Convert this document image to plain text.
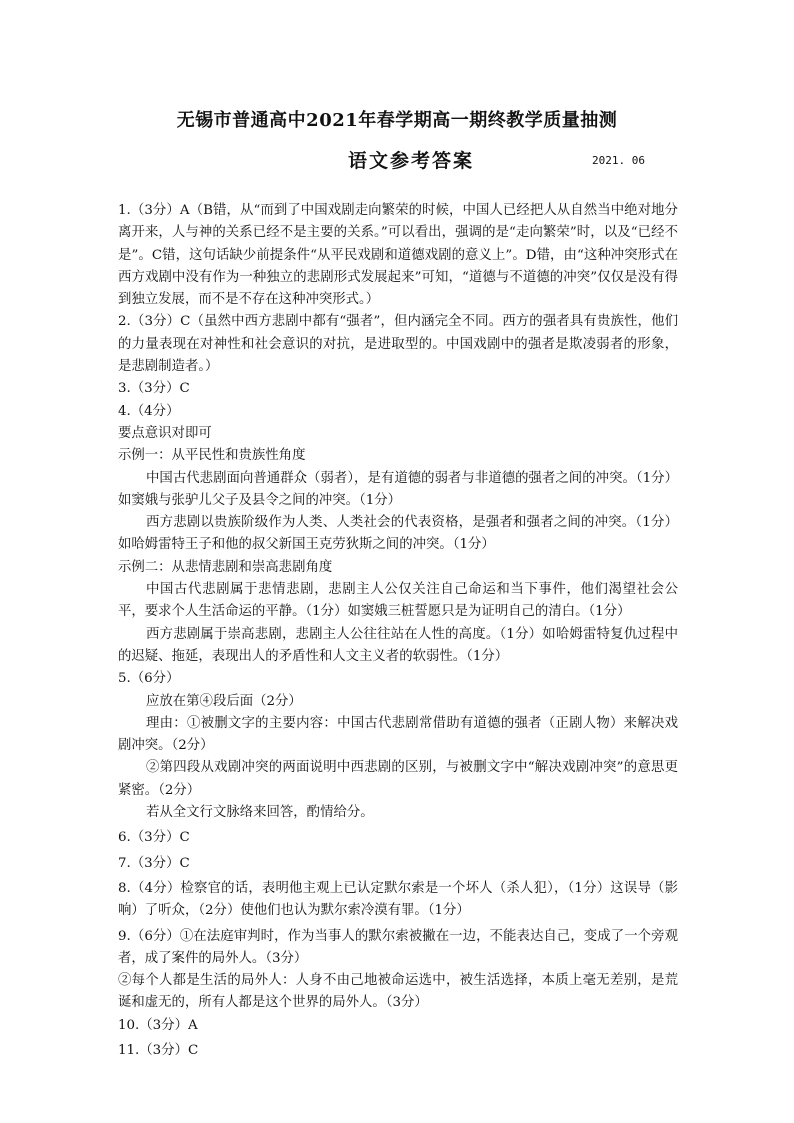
无锡市普通高中2021年春学期高一期终教学质量抽测
语文参考答案	2021. 06

1.（3分）A（B错，从“而到了中国戏剧走向繁荣的时候，中国人已经把人从自然当中绝对地分离开来，人与神的关系已经不是主要的关系。”可以看出，强调的是“走向繁荣”时，以及“已经不是”。C错，这句话缺少前提条件“从平民戏剧和道德戏剧的意义上”。D错，由“这种冲突形式在西方戏剧中没有作为一种独立的悲剧形式发展起来”可知，“道德与不道德的冲突”仅仅是没有得到独立发展，而不是不存在这种冲突形式。）

2.（3分）C（虽然中西方悲剧中都有“强者”，但内涵完全不同。西方的强者具有贵族性，他们的力量表现在对神性和社会意识的对抗，是进取型的。中国戏剧中的强者是欺凌弱者的形象，是悲剧制造者。）

3.（3分）C

4.（4分）

要点意识对即可

示例一：从平民性和贵族性角度

中国古代悲剧面向普通群众（弱者），是有道德的弱者与非道德的强者之间的冲突。（1分）如窦娥与张驴儿父子及县令之间的冲突。（1分）

西方悲剧以贵族阶级作为人类、人类社会的代表资格，是强者和强者之间的冲突。（1分）如哈姆雷特王子和他的叔父新国王克劳狄斯之间的冲突。（1分）

示例二：从悲情悲剧和崇高悲剧角度

中国古代悲剧属于悲情悲剧，悲剧主人公仅关注自己命运和当下事件，他们渴望社会公平，要求个人生活命运的平静。（1分）如窦娥三桩誓愿只是为证明自己的清白。（1分）

西方悲剧属于崇高悲剧，悲剧主人公往往站在人性的高度。（1分）如哈姆雷特复仇过程中的迟疑、拖延，表现出人的矛盾性和人文主义者的软弱性。（1分）

5.（6分）

应放在第④段后面（2分）

理由：①被删文字的主要内容：中国古代悲剧常借助有道德的强者（正剧人物）来解决戏剧冲突。（2分）

②第四段从戏剧冲突的两面说明中西悲剧的区别，与被删文字中“解决戏剧冲突”的意思更紧密。（2分）

若从全文行文脉络来回答，酌情给分。

6.（3分）C

7.（3分）C

8.（4分）检察官的话，表明他主观上已认定默尔索是一个坏人（杀人犯），（1分）这误导（影响）了听众，（2分）使他们也认为默尔索冷漠有罪。（1分）

9.（6分）①在法庭审判时，作为当事人的默尔索被撇在一边，不能表达自己，变成了一个旁观者，成了案件的局外人。（3分）

②每个人都是生活的局外人：人身不由己地被命运选中，被生活选择，本质上毫无差别，是荒诞和虚无的，所有人都是这个世界的局外人。（3分）

10.（3分）A

11.（3分）C
